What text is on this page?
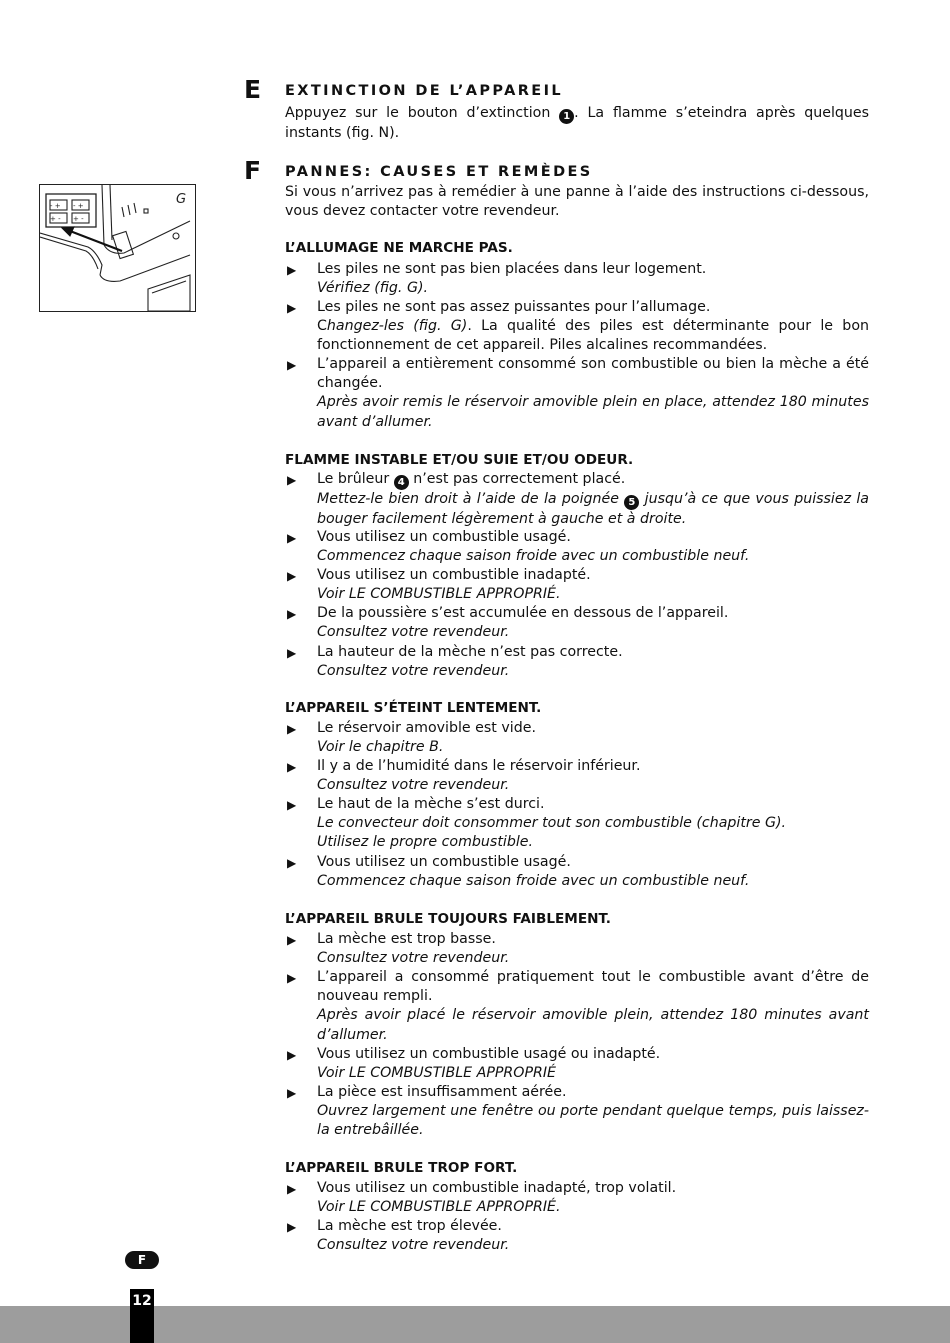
E EXTINCTION DE L’APPAREIL

Appuyez sur le bouton d’extinction 1 . La flamme s’eteindra après quelques instants (fig. N).

F PANNES: CAUSES ET REMÈDES

Si vous n’arrivez pas à remédier à une panne à l’aide des instructions ci-dessous, vous devez contacter votre revendeur.

- + - +
+ - + -
G
L’ALLUMAGE NE MARCHE PAS.
▶ Les piles ne sont pas bien placées dans leur logement.
Vérifiez (fig. G).
▶ Les piles ne sont pas assez puissantes pour l’allumage.
Changez-les (fig. G). La qualité des piles est déterminante pour le bon fonctionnement de cet appareil. Piles alcalines recommandées.
▶ L’appareil a entièrement consommé son combustible ou bien la mèche a été changée.
Après avoir remis le réservoir amovible plein en place, attendez 180 minutes avant d’allumer.
FLAMME INSTABLE ET/OU SUIE ET/OU ODEUR.
▶ Le brûleur 4 n’est pas correctement placé.
Mettez-le bien droit à l’aide de la poignée 5 jusqu’à ce que vous puissiez la bouger facilement légèrement à gauche et à droite.
▶ Vous utilisez un combustible usagé.
Commencez chaque saison froide avec un combustible neuf.
▶ Vous utilisez un combustible inadapté.
Voir LE COMBUSTIBLE APPROPRIÉ.
▶ De la poussière s’est accumulée en dessous de l’appareil.
Consultez votre revendeur.
▶ La hauteur de la mèche n’est pas correcte.
Consultez votre revendeur.
L’APPAREIL S’ÉTEINT LENTEMENT.
▶ Le réservoir amovible est vide.
Voir le chapitre B.
▶ Il y a de l’humidité dans le réservoir inférieur.
Consultez votre revendeur.
▶ Le haut de la mèche s’est durci.
Le convecteur doit consommer tout son combustible (chapitre G).
Utilisez le propre combustible.
▶ Vous utilisez un combustible usagé.
Commencez chaque saison froide avec un combustible neuf.
L’APPAREIL BRULE TOUJOURS FAIBLEMENT.
▶ La mèche est trop basse.
Consultez votre revendeur.
▶ L’appareil a consommé pratiquement tout le combustible avant d’être de nouveau rempli.
Après avoir placé le réservoir amovible plein, attendez 180 minutes avant d’allumer.
▶ Vous utilisez un combustible usagé ou inadapté.
Voir LE COMBUSTIBLE APPROPRIÉ
▶ La pièce est insuffisamment aérée.
Ouvrez largement une fenêtre ou porte pendant quelque temps, puis laissez-la entrebâillée.
L’APPAREIL BRULE TROP FORT.
▶ Vous utilisez un combustible inadapté, trop volatil.
Voir LE COMBUSTIBLE APPROPRIÉ.
▶ La mèche est trop élevée.
Consultez votre revendeur.
F
12
